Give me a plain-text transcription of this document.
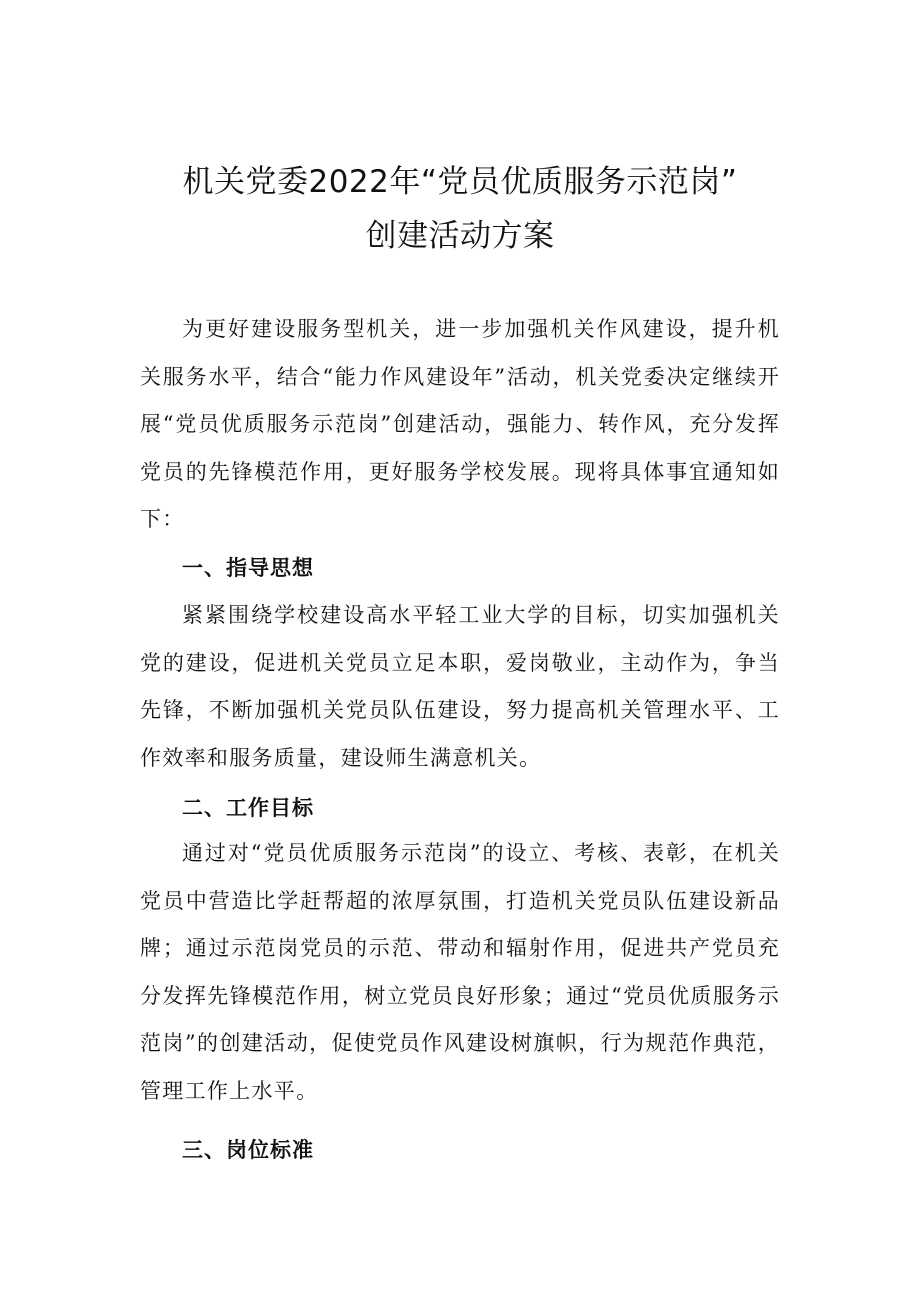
机关党委2022年“党员优质服务示范岗”
创建活动方案

为更好建设服务型机关，进一步加强机关作风建设，提升机关服务水平，结合“能力作风建设年”活动，机关党委决定继续开展“党员优质服务示范岗”创建活动，强能力、转作风，充分发挥党员的先锋模范作用，更好服务学校发展。现将具体事宜通知如下：

一、指导思想

紧紧围绕学校建设高水平轻工业大学的目标，切实加强机关党的建设，促进机关党员立足本职，爱岗敬业，主动作为，争当先锋，不断加强机关党员队伍建设，努力提高机关管理水平、工作效率和服务质量，建设师生满意机关。

二、工作目标

通过对“党员优质服务示范岗”的设立、考核、表彰，在机关党员中营造比学赶帮超的浓厚氛围，打造机关党员队伍建设新品牌；通过示范岗党员的示范、带动和辐射作用，促进共产党员充分发挥先锋模范作用，树立党员良好形象；通过“党员优质服务示范岗”的创建活动，促使党员作风建设树旗帜，行为规范作典范，管理工作上水平。

三、岗位标准
